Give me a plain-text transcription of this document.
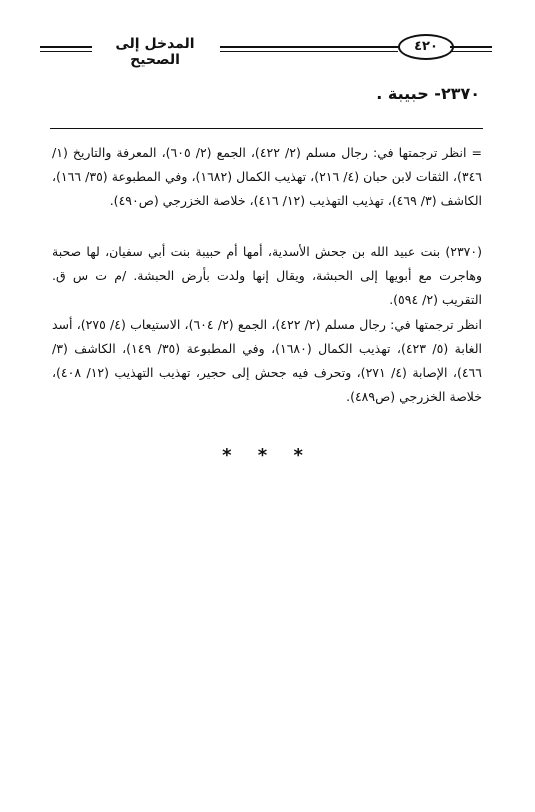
المدخل إلى الصحيح
٤٢٠
٢٣٧٠- حبيبة .
= انظر ترجمتها في: رجال مسلم (٢/ ٤٢٢)، الجمع (٢/ ٦٠٥)، المعرفة والتاريخ (١/ ٣٤٦)، الثقات لابن حبان (٤/ ٢١٦)، تهذيب الكمال (١٦٨٢)، وفي المطبوعة (٣٥/ ١٦٦)، الكاشف (٣/ ٤٦٩)، تهذيب التهذيب (١٢/ ٤١٦)، خلاصة الخزرجي (ص٤٩٠).
(٢٣٧٠) بنت عبيد الله بن جحش الأسدية، أمها أم حبيبة بنت أبي سفيان، لها صحبة وهاجرت مع أبويها إلى الحبشة، ويقال إنها ولدت بأرض الحبشة. /م ت س ق. التقريب (٢/ ٥٩٤).
انظر ترجمتها في: رجال مسلم (٢/ ٤٢٢)، الجمع (٢/ ٦٠٤)، الاستيعاب (٤/ ٢٧٥)، أسد الغابة (٥/ ٤٢٣)، تهذيب الكمال (١٦٨٠)، وفي المطبوعة (٣٥/ ١٤٩)، الكاشف (٣/ ٤٦٦)، الإصابة (٤/ ٢٧١)، وتحرف فيه جحش إلى حجير، تهذيب التهذيب (١٢/ ٤٠٨)، خلاصة الخزرجي (ص٤٨٩).
* * *
